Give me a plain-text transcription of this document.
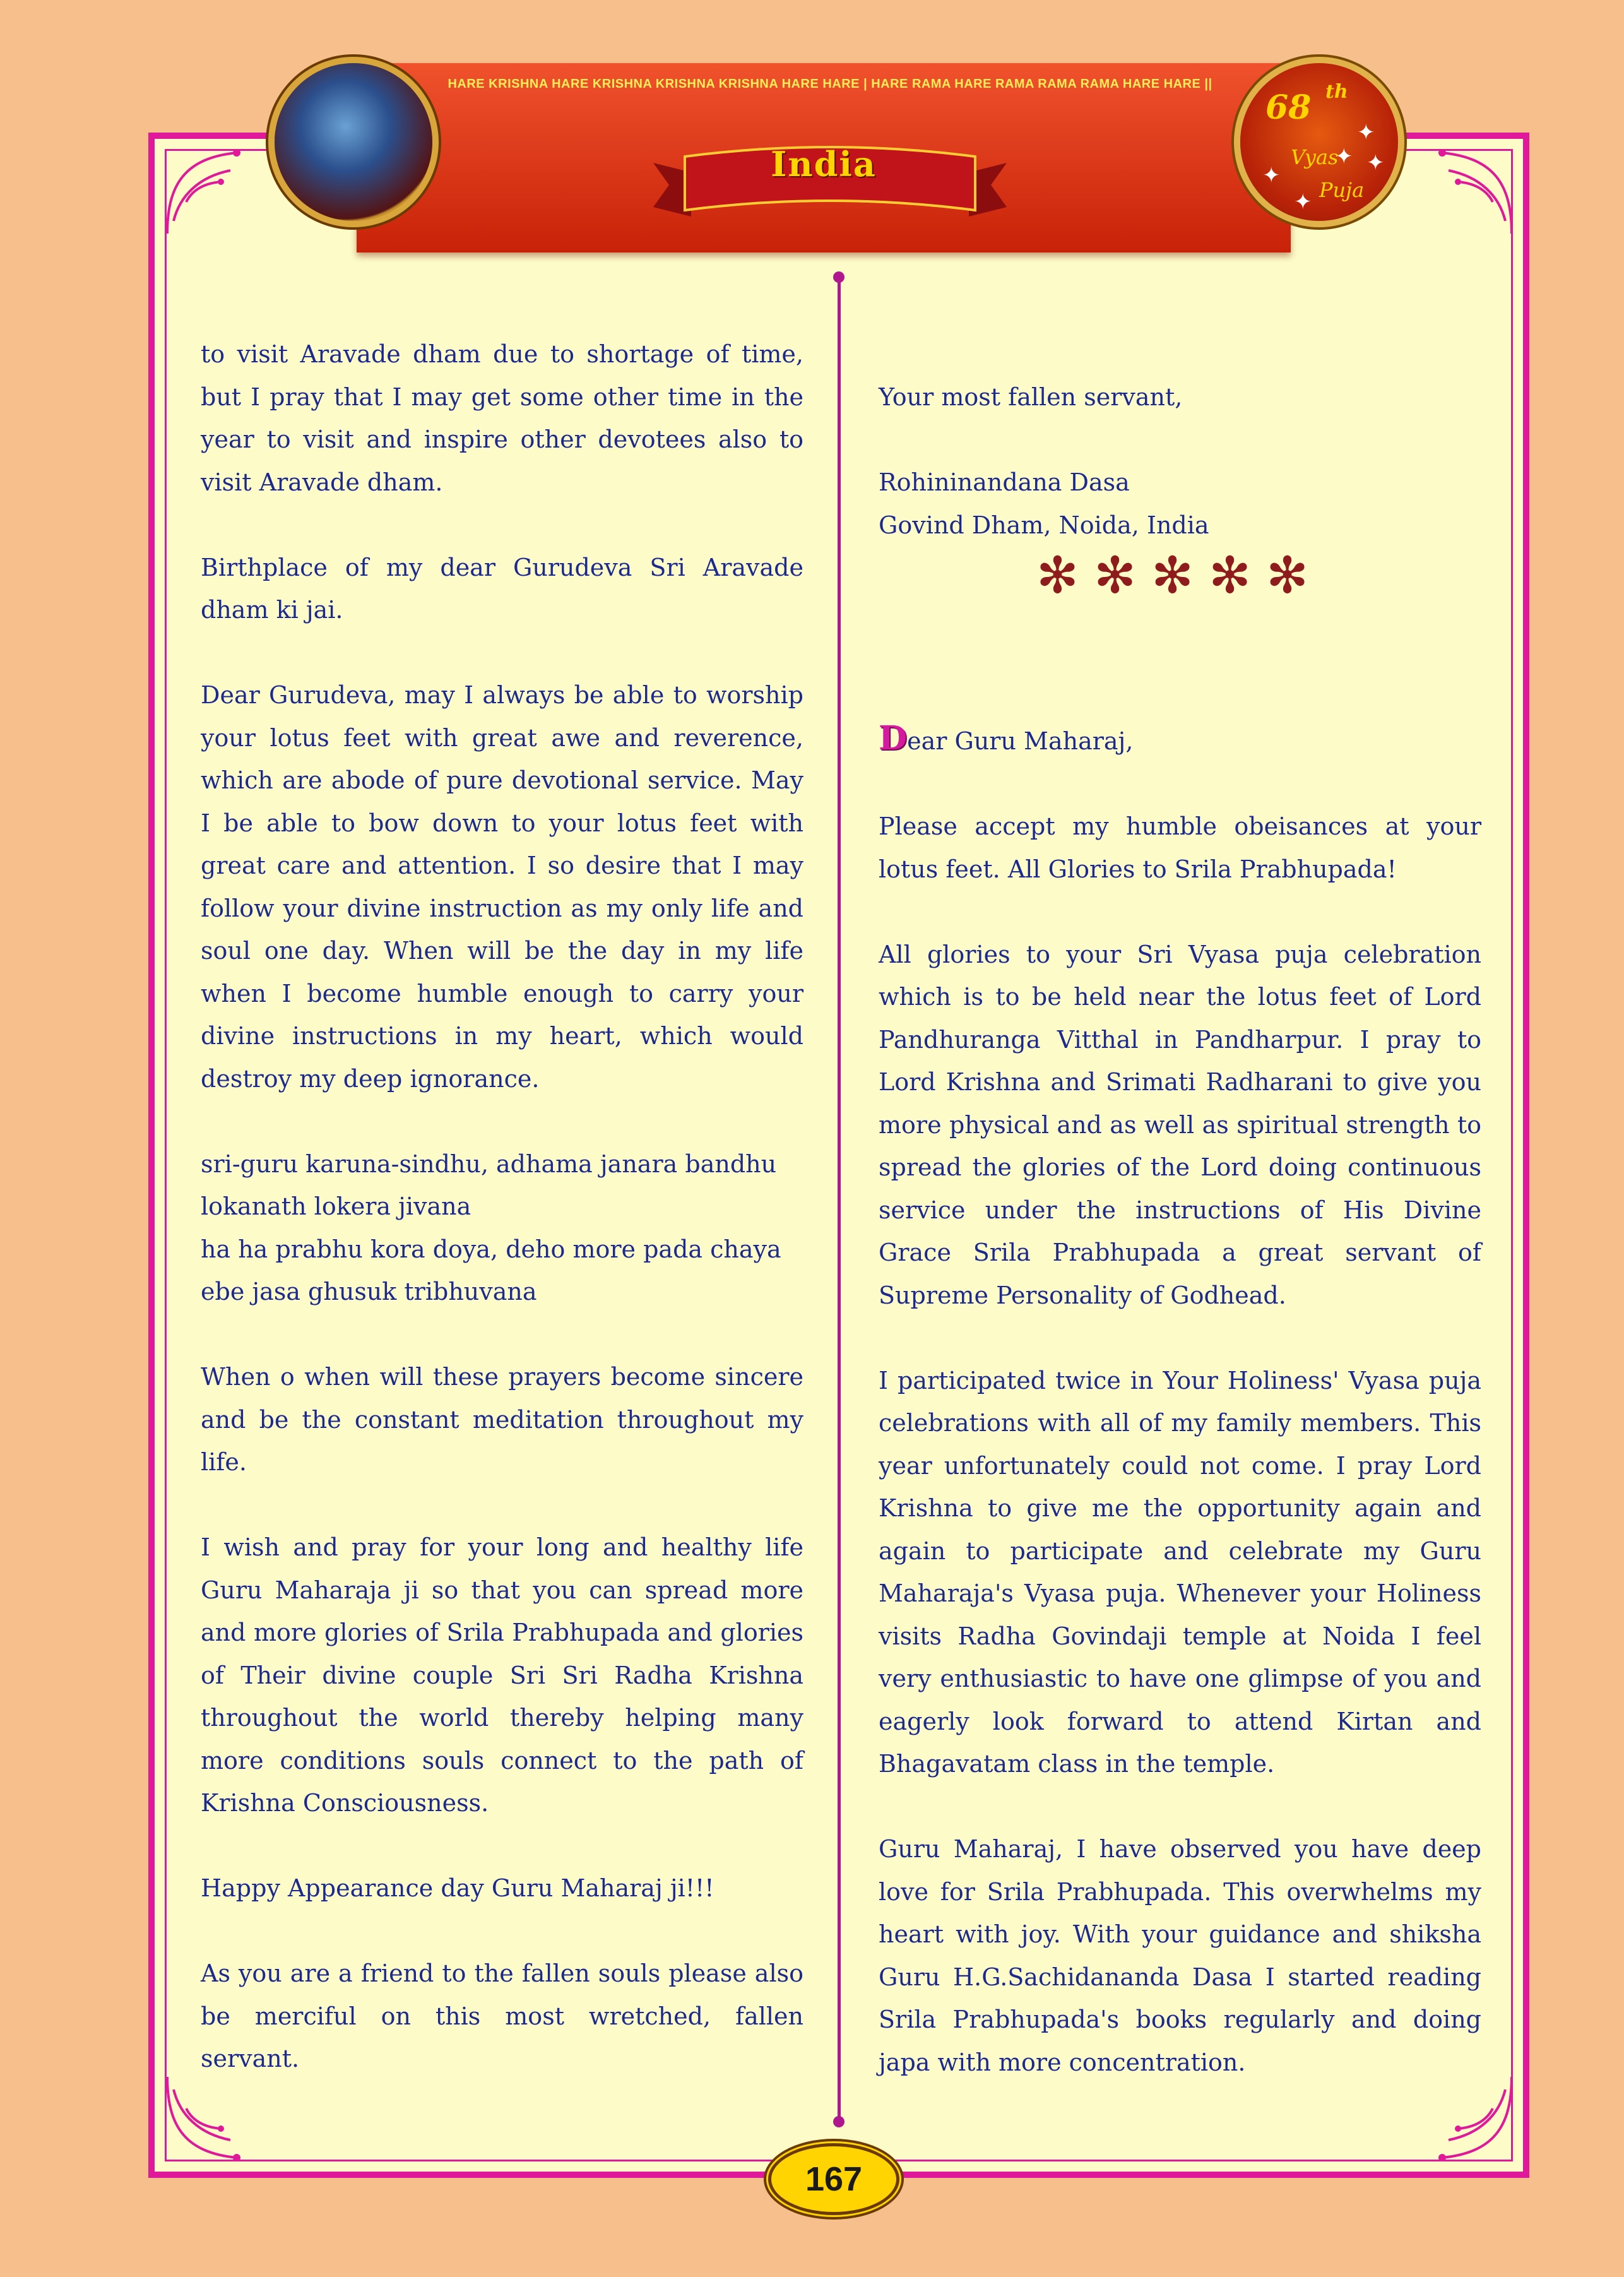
HARE KRISHNA HARE KRISHNA KRISHNA KRISHNA HARE HARE | HARE RAMA HARE RAMA RAMA RAMA HARE HARE ||
India
68 th
Vyas
Puja
✦
✦ ✦
✦
✦

to visit Aravade dham due to shortage of time, but I pray that I may get some other time in the year to visit and inspire other devotees also to visit Aravade dham.

Birthplace of my dear Gurudeva Sri Aravade dham ki jai.

Dear Gurudeva, may I always be able to worship your lotus feet with great awe and reverence, which are abode of pure devotional service. May I be able to bow down to your lotus feet with great care and attention. I so desire that I may follow your divine instruction as my only life and soul one day. When will be the day in my life when I become humble enough to carry your divine instructions in my heart, which would destroy my deep ignorance.

sri-guru karuna-sindhu, adhama janara bandhu

lokanath lokera jivana

ha ha prabhu kora doya, deho more pada chaya

ebe jasa ghusuk tribhuvana

When o when will these prayers become sincere and be the constant meditation throughout my life.

I wish and pray for your long and healthy life Guru Maharaja ji so that you can spread more and more glories of Srila Prabhupada and glories of Their divine couple Sri Sri Radha Krishna throughout the world thereby helping many more conditions souls connect to the path of Krishna Consciousness.

Happy Appearance day Guru Maharaj ji!!!

As you are a friend to the fallen souls please also be merciful on this most wretched, fallen servant.

Your most fallen servant,

Rohininandana Dasa

Govind Dham, Noida, India

✻✻✻✻✻

Dear Guru Maharaj,

Please accept my humble obeisances at your lotus feet. All Glories to Srila Prabhupada!

All glories to your Sri Vyasa puja celebration which is to be held near the lotus feet of Lord Pandhuranga Vitthal in Pandharpur. I pray to Lord Krishna and Srimati Radharani to give you more physical and as well as spiritual strength to spread the glories of the Lord doing continuous service under the instructions of His Divine Grace Srila Prabhupada a great servant of Supreme Personality of Godhead.

I participated twice in Your Holiness' Vyasa puja celebrations with all of my family members. This year unfortunately could not come. I pray Lord Krishna to give me the opportunity again and again to participate and celebrate my Guru Maharaja's Vyasa puja. Whenever your Holiness visits Radha Govindaji temple at Noida I feel very enthusiastic to have one glimpse of you and eagerly look forward to attend Kirtan and Bhagavatam class in the temple.

Guru Maharaj, I have observed you have deep love for Srila Prabhupada. This overwhelms my heart with joy. With your guidance and shiksha Guru H.G.Sachidananda Dasa I started reading Srila Prabhupada's books regularly and doing japa with more concentration.

167
